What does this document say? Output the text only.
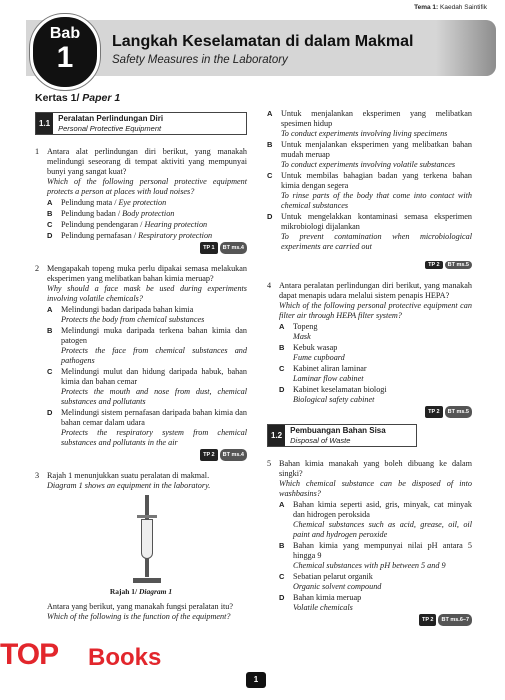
Tema 1: Kaedah Saintifik
Bab
1	Langkah Keselamatan di dalam Makmal
Safety Measures in the Laboratory
Kertas 1/ Paper 1
1.1
Peralatan Perlindungan Diri
Personal Protective Equipment
1 Antara alat perlindungan diri berikut, yang manakah melindungi seseorang di tempat aktiviti yang mempunyai bunyi yang sangat kuat?
Which of the following personal protective equipment protects a person at places with loud noises?
A	Pelindung mata / Eye protection
B	Pelindung badan / Body protection
C	Pelindung pendengaran / Hearing protection
D	Pelindung pernafasan / Respiratory protection
TP 1 BT ms.4
2 Mengapakah topeng muka perlu dipakai semasa melakukan eksperimen yang melibatkan bahan kimia meruap?
Why should a face mask be used during experiments involving volatile chemicals?
A	Melindungi badan daripada bahan kimia
Protects the body from chemical substances
B	Melindungi muka daripada terkena bahan kimia dan patogen
Protects the face from chemical substances and pathogens
C	Melindungi mulut dan hidung daripada habuk, bahan kimia dan bahan cemar
Protects the mouth and nose from dust, chemical substances and pollutants
D	Melindungi sistem pernafasan daripada bahan kimia dan bahan cemar dalam udara
Protects the respiratory system from chemical substances and pollutants in the air
TP 2 BT ms.4
3 Rajah 1 menunjukkan suatu peralatan di makmal.
Diagram 1 shows an equipment in the laboratory.
Rajah 1/ Diagram 1
Antara yang berikut, yang manakah fungsi peralatan itu?
Which of the following is the function of the equipment?
A	Untuk menjalankan eksperimen yang melibatkan spesimen hidup
To conduct experiments involving living specimens
B	Untuk menjalankan eksperimen yang melibatkan bahan mudah meruap
To conduct experiments involving volatile substances
C	Untuk membilas bahagian badan yang terkena bahan kimia dengan segera
To rinse parts of the body that come into contact with chemical substances
D	Untuk mengelakkan kontaminasi semasa eksperimen mikrobiologi dijalankan
To prevent contamination when microbiological experiments are carried out
TP 2 BT ms.5
4 Antara peralatan perlindungan diri berikut, yang manakah dapat menapis udara melalui sistem penapis HEPA?
Which of the following personal protective equipment can filter air through HEPA filter system?
A	Topeng
Mask
B	Kebuk wasap
Fume cupboard
C	Kabinet aliran laminar
Laminar flow cabinet
D	Kabinet keselamatan biologi
Biological safety cabinet
TP 2 BT ms.5
1.2
Pembuangan Bahan Sisa
Disposal of Waste
5 Bahan kimia manakah yang boleh dibuang ke dalam singki?
Which chemical substance can be disposed of into washbasins?
A	Bahan kimia seperti asid, gris, minyak, cat minyak dan hidrogen peroksida
Chemical substances such as acid, grease, oil, oil paint and hydrogen peroxide
B	Bahan kimia yang mempunyai nilai pH antara 5 hingga 9
Chemical substances with pH between 5 and 9
C	Sebatian pelarut organik
Organic solvent compound
D	Bahan kimia meruap
Volatile chemicals
TP 2 BT ms.6–7
TOP Books
1
